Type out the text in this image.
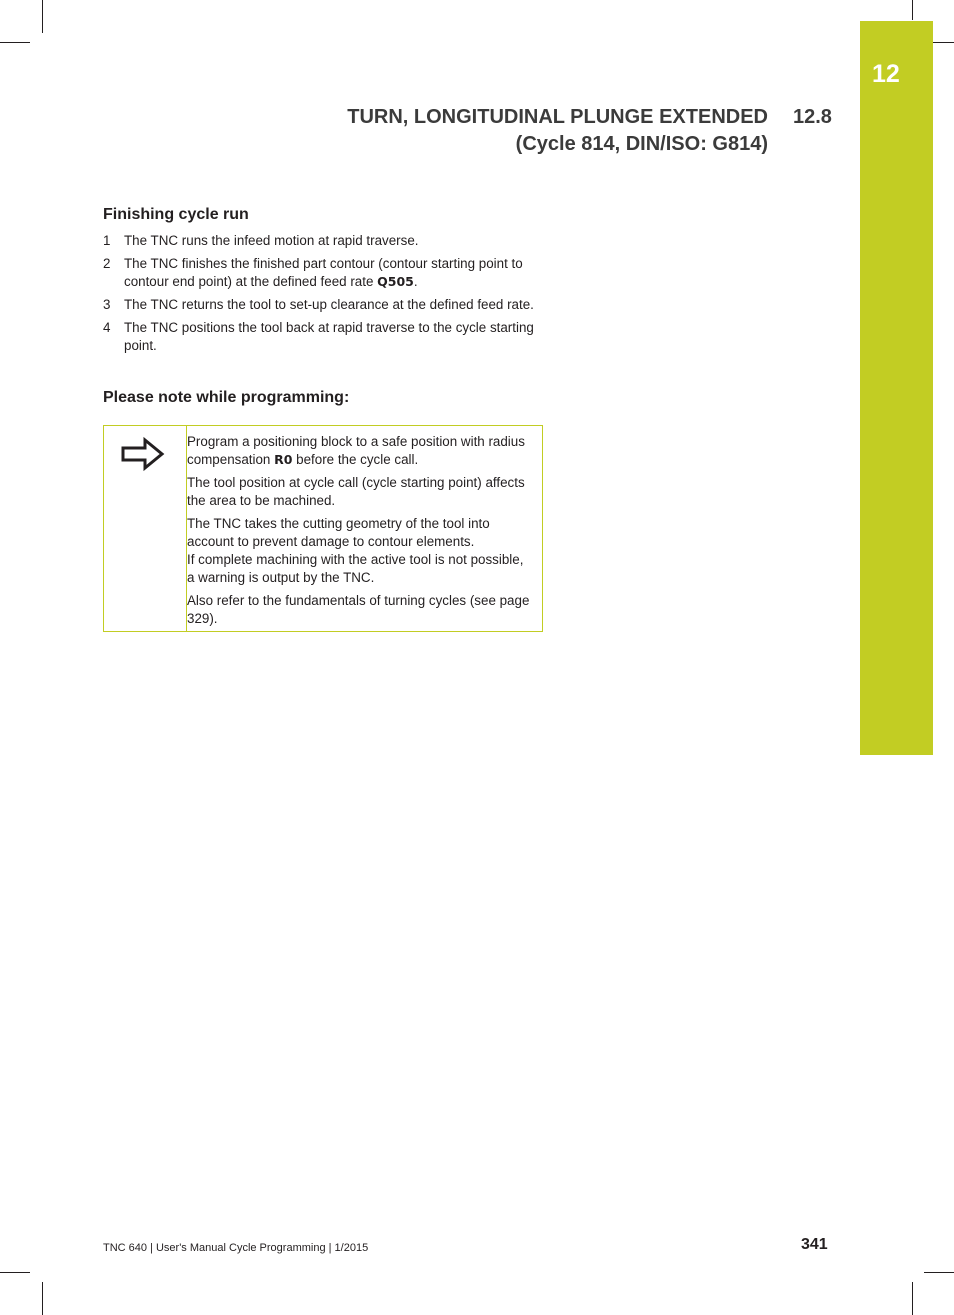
12
TURN, LONGITUDINAL PLUNGE EXTENDED
(Cycle 814, DIN/ISO: G814)
12.8
Finishing cycle run
1 The TNC runs the infeed motion at rapid traverse.
2 The TNC finishes the finished part contour (contour starting point to contour end point) at the defined feed rate Q505.
3 The TNC returns the tool to set-up clearance at the defined feed rate.
4 The TNC positions the tool back at rapid traverse to the cycle starting point.
Please note while programming:

Program a positioning block to a safe position with radius compensation R0 before the cycle call.

The tool position at cycle call (cycle starting point) affects the area to be machined.

The TNC takes the cutting geometry of the tool into account to prevent damage to contour elements.
If complete machining with the active tool is not possible, a warning is output by the TNC.

Also refer to the fundamentals of turning cycles (see page 329).

TNC 640 | User's Manual Cycle Programming | 1/2015	341
